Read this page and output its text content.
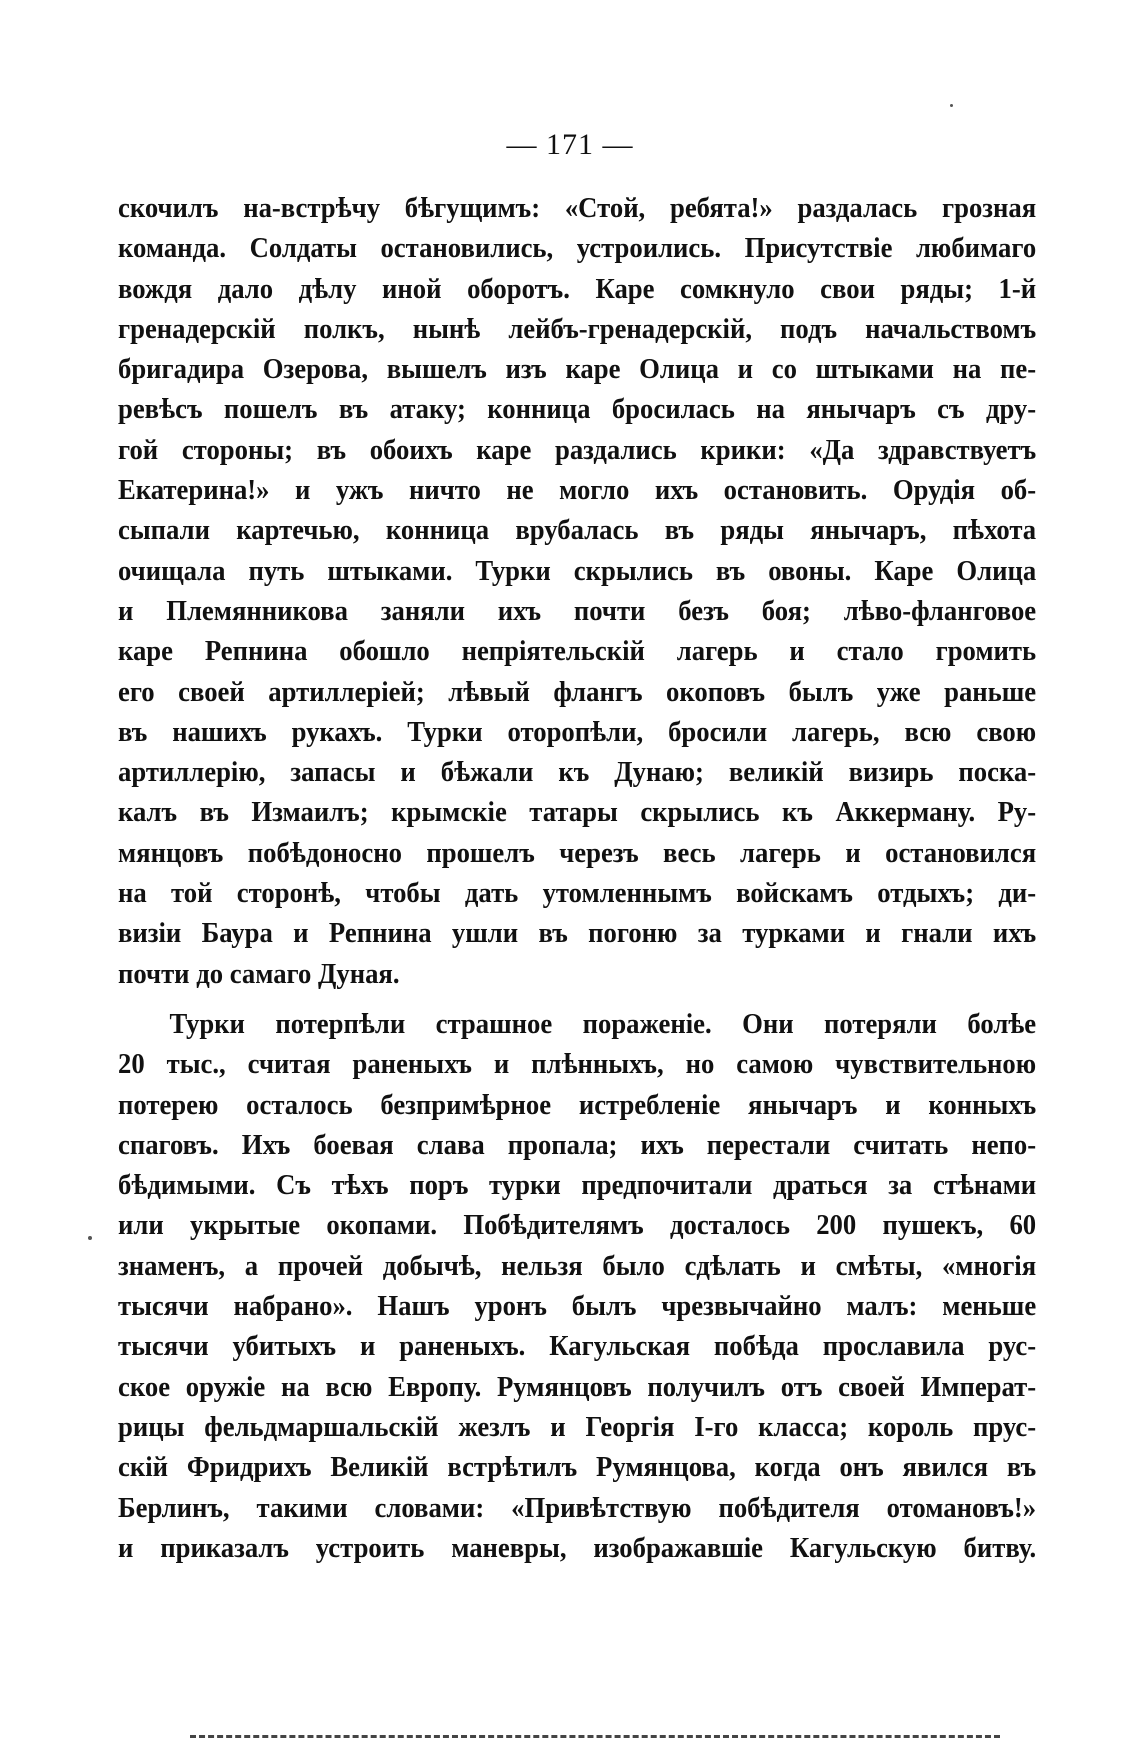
— 171 —
скочилъ на-встрѣчу бѣгущимъ: «Стой, ребята!» раздалась грозная
команда. Солдаты остановились, устроились. Присутствіе любимаго
вождя дало дѣлу иной оборотъ. Каре сомкнуло свои ряды; 1-й
гренадерскій полкъ, нынѣ лейбъ-гренадерскій, подъ начальствомъ
бригадира Озерова, вышелъ изъ каре Олица и со штыками на пе-
ревѣсъ пошелъ въ атаку; конница бросилась на янычаръ съ дру-
гой стороны; въ обоихъ каре раздались крики: «Да здравствуетъ
Екатерина!» и ужъ ничто не могло ихъ остановить. Орудія об-
сыпали картечью, конница врубалась въ ряды янычаръ, пѣхота
очищала путь штыками. Турки скрылись въ овоны. Каре Олица
и Племянникова заняли ихъ почти безъ боя; лѣво-фланговое
каре Репнина обошло непріятельскій лагерь и стало громить
его своей артиллеріей; лѣвый флангъ окоповъ былъ уже раньше
въ нашихъ рукахъ. Турки оторопѣли, бросили лагерь, всю свою
артиллерію, запасы и бѣжали къ Дунаю; великій визирь поска-
калъ въ Измаилъ; крымскіе татары скрылись къ Аккерману. Ру-
мянцовъ побѣдоносно прошелъ черезъ весь лагерь и остановился
на той сторонѣ, чтобы дать утомленнымъ войскамъ отдыхъ; ди-
визіи Баура и Репнина ушли въ погоню за турками и гнали ихъ
почти до самаго Дуная.
Турки потерпѣли страшное пораженіе. Они потеряли болѣе
20 тыс., считая раненыхъ и плѣнныхъ, но самою чувствительною
потерею осталось безпримѣрное истребленіе янычаръ и конныхъ
спаговъ. Ихъ боевая слава пропала; ихъ перестали считать непо-
бѣдимыми. Съ тѣхъ поръ турки предпочитали драться за стѣнами
или укрытые окопами. Побѣдителямъ досталось 200 пушекъ, 60
знаменъ, а прочей добычѣ, нельзя было сдѣлать и смѣты, «многія
тысячи набрано». Нашъ уронъ былъ чрезвычайно малъ: меньше
тысячи убитыхъ и раненыхъ. Кагульская побѣда прославила рус-
ское оружіе на всю Европу. Румянцовъ получилъ отъ своей Императ-
рицы фельдмаршальскій жезлъ и Георгія I-го класса; король прус-
скій Фридрихъ Великій встрѣтилъ Румянцова, когда онъ явился въ
Берлинъ, такими словами: «Привѣтствую побѣдителя отомановъ!»
и приказалъ устроить маневры, изображавшіе Кагульскую битву.
